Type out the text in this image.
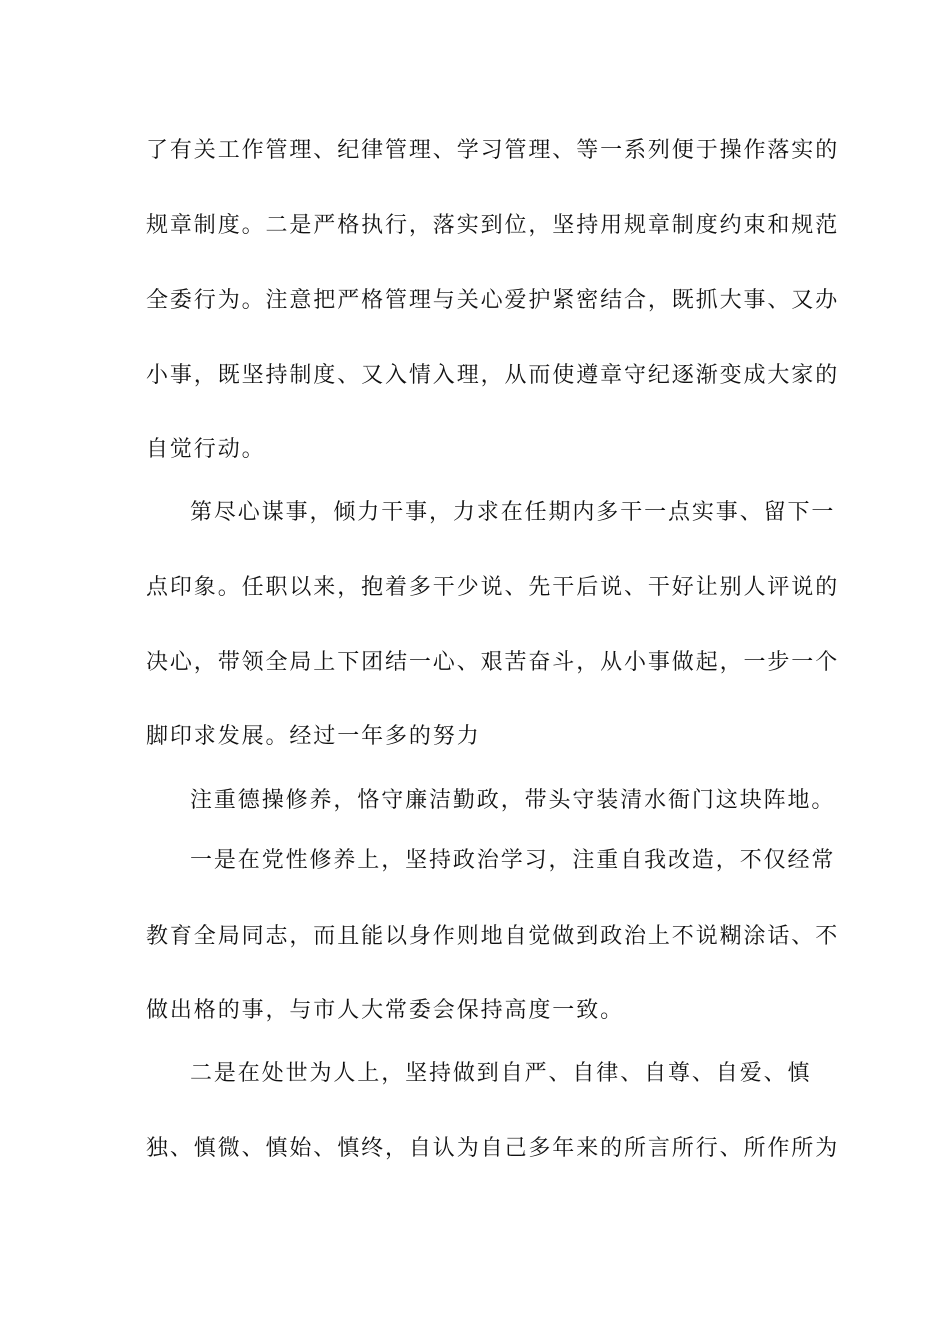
了有关工作管理、纪律管理、学习管理、等一系列便于操作落实的
规章制度。二是严格执行，落实到位，坚持用规章制度约束和规范
全委行为。注意把严格管理与关心爱护紧密结合，既抓大事、又办
小事，既坚持制度、又入情入理，从而使遵章守纪逐渐变成大家的
自觉行动。
第尽心谋事，倾力干事，力求在任期内多干一点实事、留下一
点印象。任职以来，抱着多干少说、先干后说、干好让别人评说的
决心，带领全局上下团结一心、艰苦奋斗，从小事做起，一步一个
脚印求发展。经过一年多的努力
注重德操修养，恪守廉洁勤政，带头守装清水衙门这块阵地。
一是在党性修养上，坚持政治学习，注重自我改造，不仅经常
教育全局同志，而且能以身作则地自觉做到政治上不说糊涂话、不
做出格的事，与市人大常委会保持高度一致。
二是在处世为人上，坚持做到自严、自律、自尊、自爱、慎
独、慎微、慎始、慎终，自认为自己多年来的所言所行、所作所为
